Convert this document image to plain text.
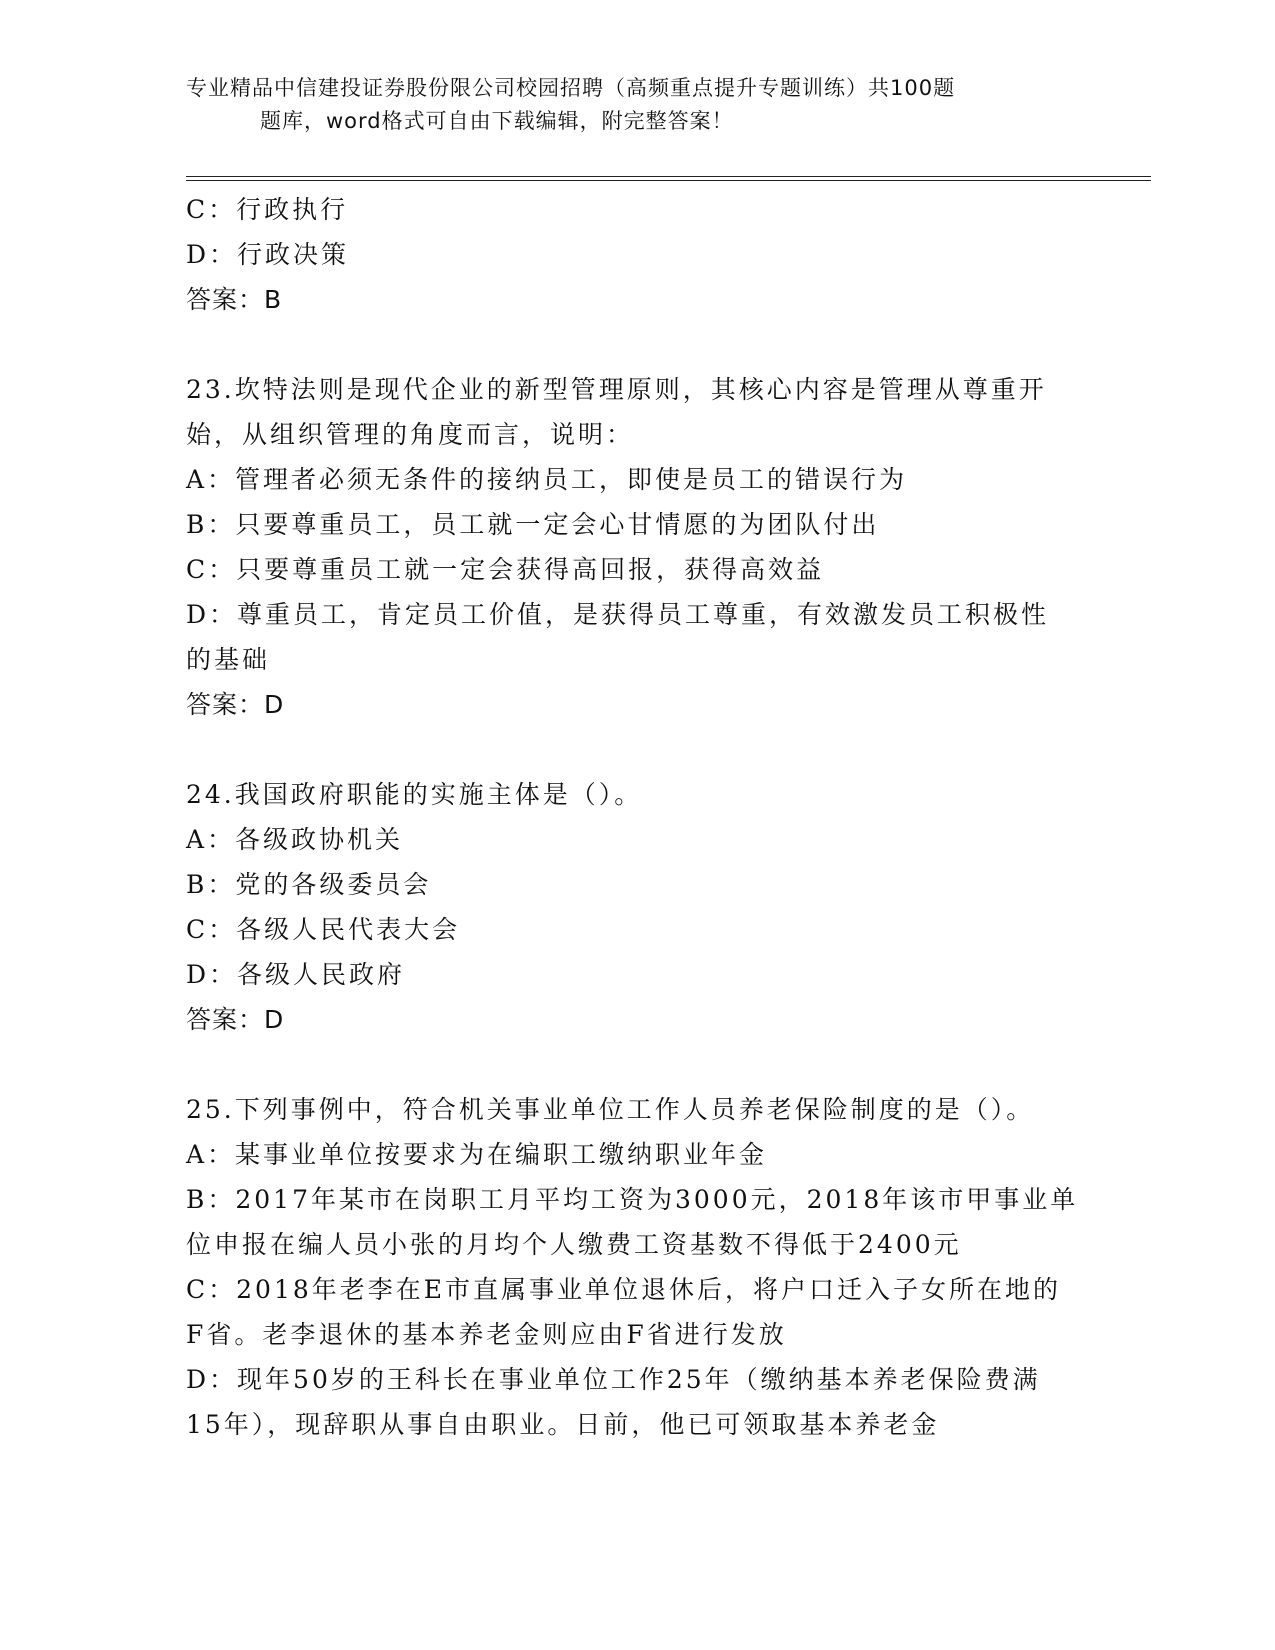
专业精品中信建投证券股份限公司校园招聘（高频重点提升专题训练）共100题
题库，word格式可自由下载编辑，附完整答案！
C：行政执行
D：行政决策
答案：B
23.坎特法则是现代企业的新型管理原则，其核心内容是管理从尊重开
始，从组织管理的角度而言，说明：
A：管理者必须无条件的接纳员工，即使是员工的错误行为
B：只要尊重员工，员工就一定会心甘情愿的为团队付出
C：只要尊重员工就一定会获得高回报，获得高效益
D：尊重员工，肯定员工价值，是获得员工尊重，有效激发员工积极性
的基础
答案：D
24.我国政府职能的实施主体是（）。
A：各级政协机关
B：党的各级委员会
C：各级人民代表大会
D：各级人民政府
答案：D
25.下列事例中，符合机关事业单位工作人员养老保险制度的是（）。
A：某事业单位按要求为在编职工缴纳职业年金
B：2017年某市在岗职工月平均工资为3000元，2018年该市甲事业单
位申报在编人员小张的月均个人缴费工资基数不得低于2400元
C：2018年老李在E市直属事业单位退休后，将户口迁入子女所在地的
F省。老李退休的基本养老金则应由F省进行发放
D：现年50岁的王科长在事业单位工作25年（缴纳基本养老保险费满
15年），现辞职从事自由职业。日前，他已可领取基本养老金
